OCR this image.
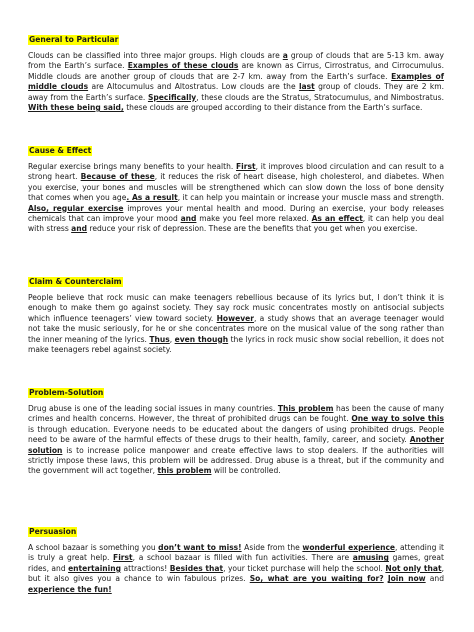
General to Particular

Clouds can be classified into three major groups. High clouds are a group of clouds that are 5-13 km. away from the Earth’s surface. Examples of these clouds are known as Cirrus, Cirrostratus, and Cirrocumulus. Middle clouds are another group of clouds that are 2-7 km. away from the Earth’s surface. Examples of middle clouds are Altocumulus and Altostratus. Low clouds are the last group of clouds. They are 2 km. away from the Earth’s surface. Specifically, these clouds are the Stratus, Stratocumulus, and Nimbostratus. With these being said, these clouds are grouped according to their distance from the Earth’s surface.

Cause & Effect

Regular exercise brings many benefits to your health. First, it improves blood circulation and can result to a strong heart. Because of these, it reduces the risk of heart disease, high cholesterol, and diabetes. When you exercise, your bones and muscles will be strengthened which can slow down the loss of bone density that comes when you age. As a result, it can help you maintain or increase your muscle mass and strength. Also, regular exercise improves your mental health and mood. During an exercise, your body releases chemicals that can improve your mood and make you feel more relaxed. As an effect, it can help you deal with stress and reduce your risk of depression. These are the benefits that you get when you exercise.

Claim & Counterclaim

People believe that rock music can make teenagers rebellious because of its lyrics but, I don’t think it is enough to make them go against society. They say rock music concentrates mostly on antisocial subjects which influence teenagers’ view toward society. However, a study shows that an average teenager would not take the music seriously, for he or she concentrates more on the musical value of the song rather than the inner meaning of the lyrics. Thus, even though the lyrics in rock music show social rebellion, it does not make teenagers rebel against society.

Problem-Solution

Drug abuse is one of the leading social issues in many countries. This problem has been the cause of many crimes and health concerns. However, the threat of prohibited drugs can be fought. One way to solve this is through education. Everyone needs to be educated about the dangers of using prohibited drugs. People need to be aware of the harmful effects of these drugs to their health, family, career, and society. Another solution is to increase police manpower and create effective laws to stop dealers. If the authorities will strictly impose these laws, this problem will be addressed. Drug abuse is a threat, but if the community and the government will act together, this problem will be controlled.

Persuasion

A school bazaar is something you don’t want to miss! Aside from the wonderful experience, attending it is truly a great help. First, a school bazaar is filled with fun activities. There are amusing games, great rides, and entertaining attractions! Besides that, your ticket purchase will help the school. Not only that, but it also gives you a chance to win fabulous prizes. So, what are you waiting for? Join now and experience the fun!
